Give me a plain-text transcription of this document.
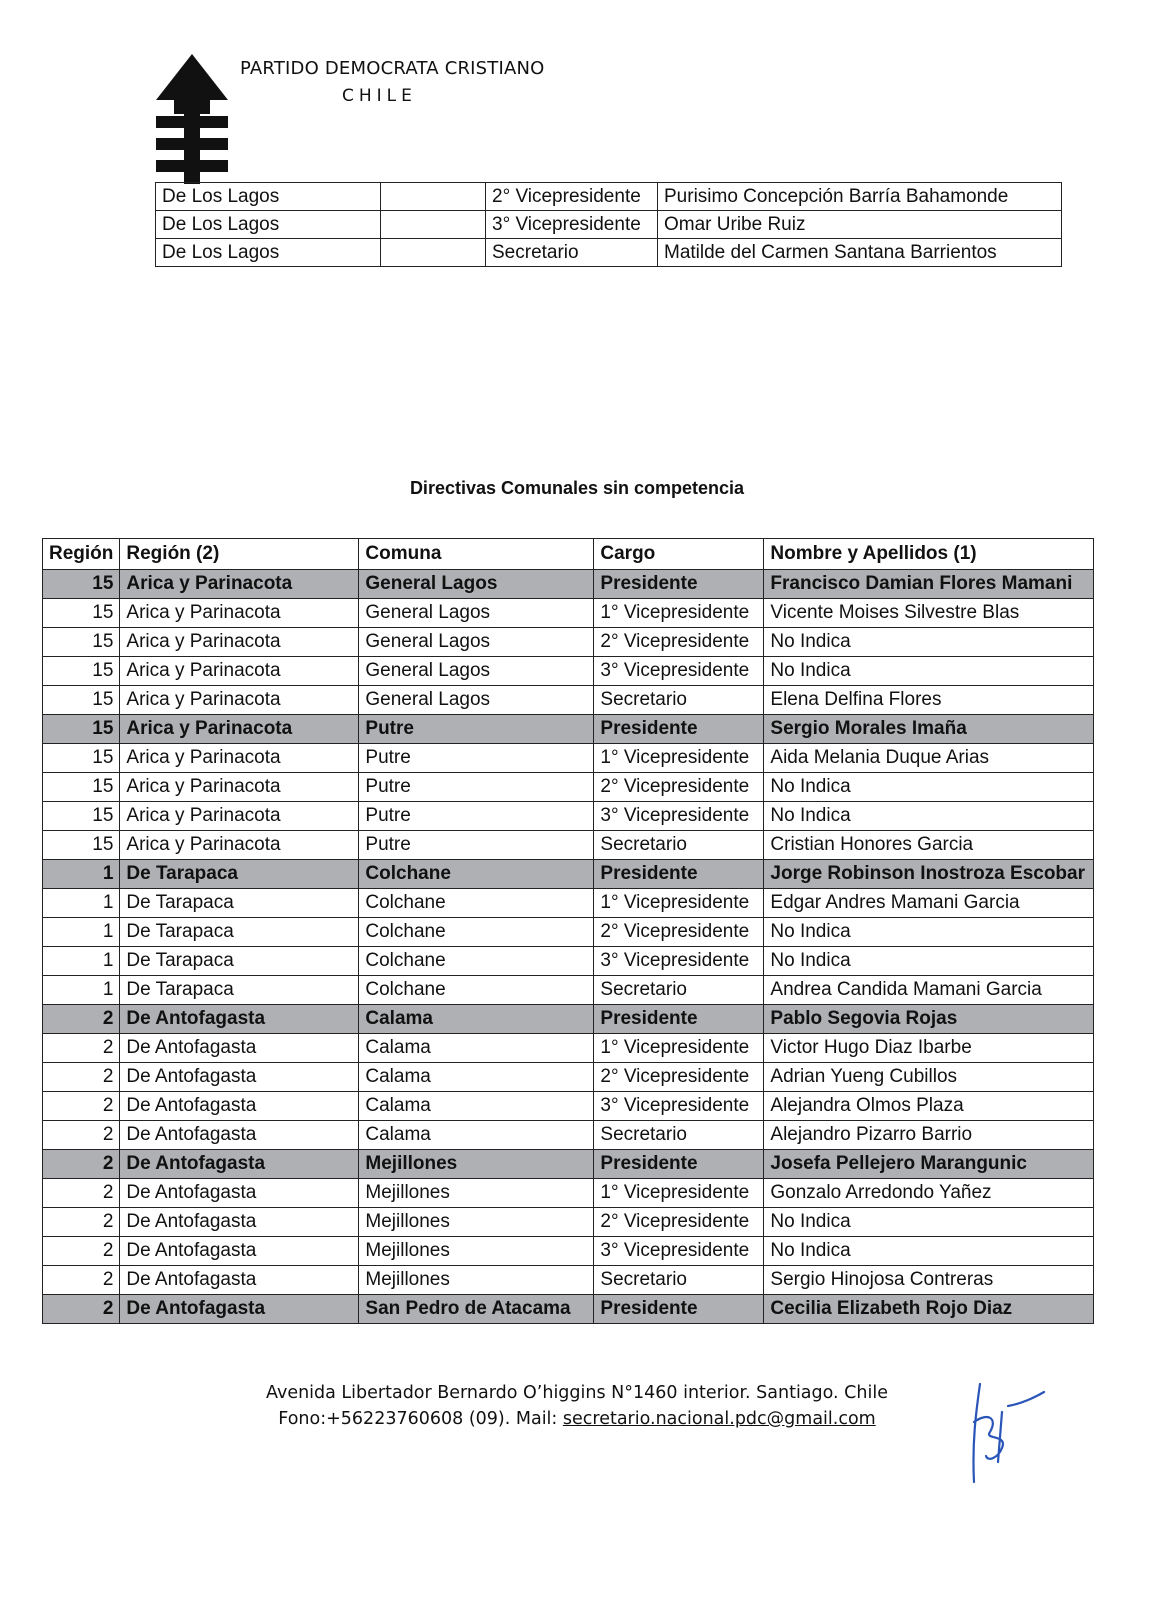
PARTIDO DEMOCRATA CRISTIANO
CHILE
De Los Lagos		2° Vicepresidente	Purisimo Concepción Barría Bahamonde
De Los Lagos		3° Vicepresidente	Omar Uribe Ruiz
De Los Lagos		Secretario	Matilde del Carmen Santana Barrientos
Directivas Comunales sin competencia
Región	Región (2)	Comuna	Cargo	Nombre y Apellidos (1)
15	Arica y Parinacota	General Lagos	Presidente	Francisco Damian Flores Mamani
15	Arica y Parinacota	General Lagos	1° Vicepresidente	Vicente Moises Silvestre Blas
15	Arica y Parinacota	General Lagos	2° Vicepresidente	No Indica
15	Arica y Parinacota	General Lagos	3° Vicepresidente	No Indica
15	Arica y Parinacota	General Lagos	Secretario	Elena Delfina Flores
15	Arica y Parinacota	Putre	Presidente	Sergio Morales Imaña
15	Arica y Parinacota	Putre	1° Vicepresidente	Aida Melania Duque Arias
15	Arica y Parinacota	Putre	2° Vicepresidente	No Indica
15	Arica y Parinacota	Putre	3° Vicepresidente	No Indica
15	Arica y Parinacota	Putre	Secretario	Cristian Honores Garcia
1	De Tarapaca	Colchane	Presidente	Jorge Robinson Inostroza Escobar
1	De Tarapaca	Colchane	1° Vicepresidente	Edgar Andres Mamani Garcia
1	De Tarapaca	Colchane	2° Vicepresidente	No Indica
1	De Tarapaca	Colchane	3° Vicepresidente	No Indica
1	De Tarapaca	Colchane	Secretario	Andrea Candida Mamani Garcia
2	De Antofagasta	Calama	Presidente	Pablo Segovia Rojas
2	De Antofagasta	Calama	1° Vicepresidente	Victor Hugo Diaz Ibarbe
2	De Antofagasta	Calama	2° Vicepresidente	Adrian Yueng Cubillos
2	De Antofagasta	Calama	3° Vicepresidente	Alejandra Olmos Plaza
2	De Antofagasta	Calama	Secretario	Alejandro Pizarro Barrio
2	De Antofagasta	Mejillones	Presidente	Josefa Pellejero Marangunic
2	De Antofagasta	Mejillones	1° Vicepresidente	Gonzalo Arredondo Yañez
2	De Antofagasta	Mejillones	2° Vicepresidente	No Indica
2	De Antofagasta	Mejillones	3° Vicepresidente	No Indica
2	De Antofagasta	Mejillones	Secretario	Sergio Hinojosa Contreras
2	De Antofagasta	San Pedro de Atacama	Presidente	Cecilia Elizabeth Rojo Diaz
Avenida Libertador Bernardo O’higgins N°1460 interior. Santiago. Chile
Fono:+56223760608 (09). Mail: secretario.nacional.pdc@gmail.com
